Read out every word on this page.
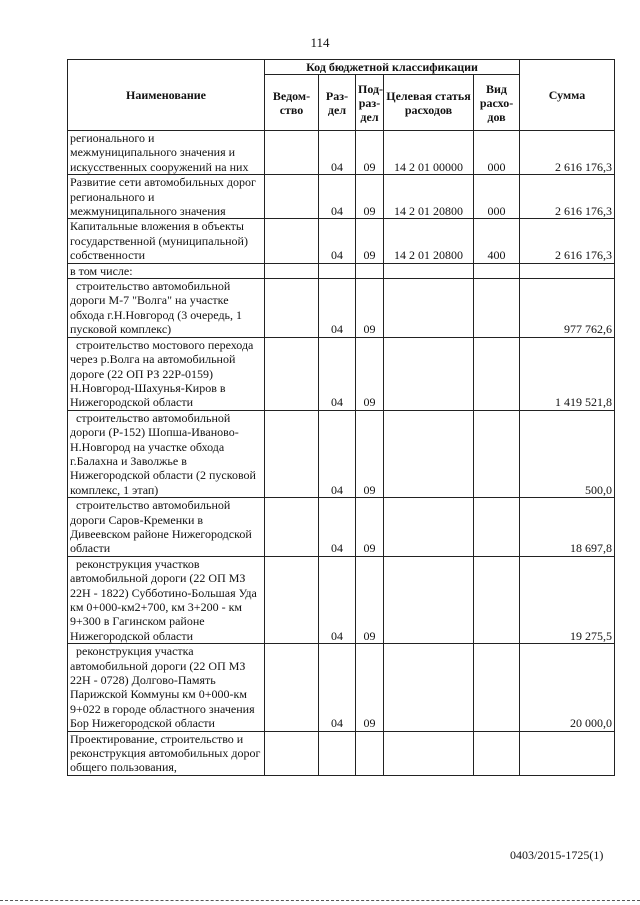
114
Наименование	Код бюджетной классификации					Сумма
	Ведом-ство	Раз-дел	Под-раз-дел	Целевая статья расходов	Вид расхо-дов	
регионального и межмуниципального значения и искусственных сооружений на них		04	09	14 2 01 00000	000	2 616 176,3
Развитие сети автомобильных дорог регионального и межмуниципального значения		04	09	14 2 01 20800	000	2 616 176,3
Капитальные вложения в объекты государственной (муниципальной) собственности		04	09	14 2 01 20800	400	2 616 176,3
в том числе:						
строительство автомобильной дороги М-7 "Волга" на участке обхода г.Н.Новгород (3 очередь, 1 пусковой комплекс)		04	09			977 762,6
строительство мостового перехода через р.Волга на автомобильной дороге (22 ОП РЗ 22Р-0159) Н.Новгород-Шахунья-Киров в Нижегородской области		04	09			1 419 521,8
строительство автомобильной дороги (Р-152) Шопша-Иваново-Н.Новгород на участке обхода г.Балахна и Заволжье в Нижегородской области (2 пусковой комплекс, 1 этап)		04	09			500,0
строительство автомобильной дороги Саров-Кременки в Дивеевском районе Нижегородской области		04	09			18 697,8
реконструкция участков автомобильной дороги (22 ОП МЗ 22Н - 1822) Субботино-Большая Уда км 0+000-км2+700, км 3+200 - км 9+300 в Гагинском районе Нижегородской области		04	09			19 275,5
реконструкция участка автомобильной дороги (22 ОП МЗ 22Н - 0728) Долгово-Память Парижской Коммуны км 0+000-км 9+022 в городе областного значения Бор Нижегородской области		04	09			20 000,0
Проектирование, строительство и реконструкция автомобильных дорог общего пользования,						
0403/2015-1725(1)
